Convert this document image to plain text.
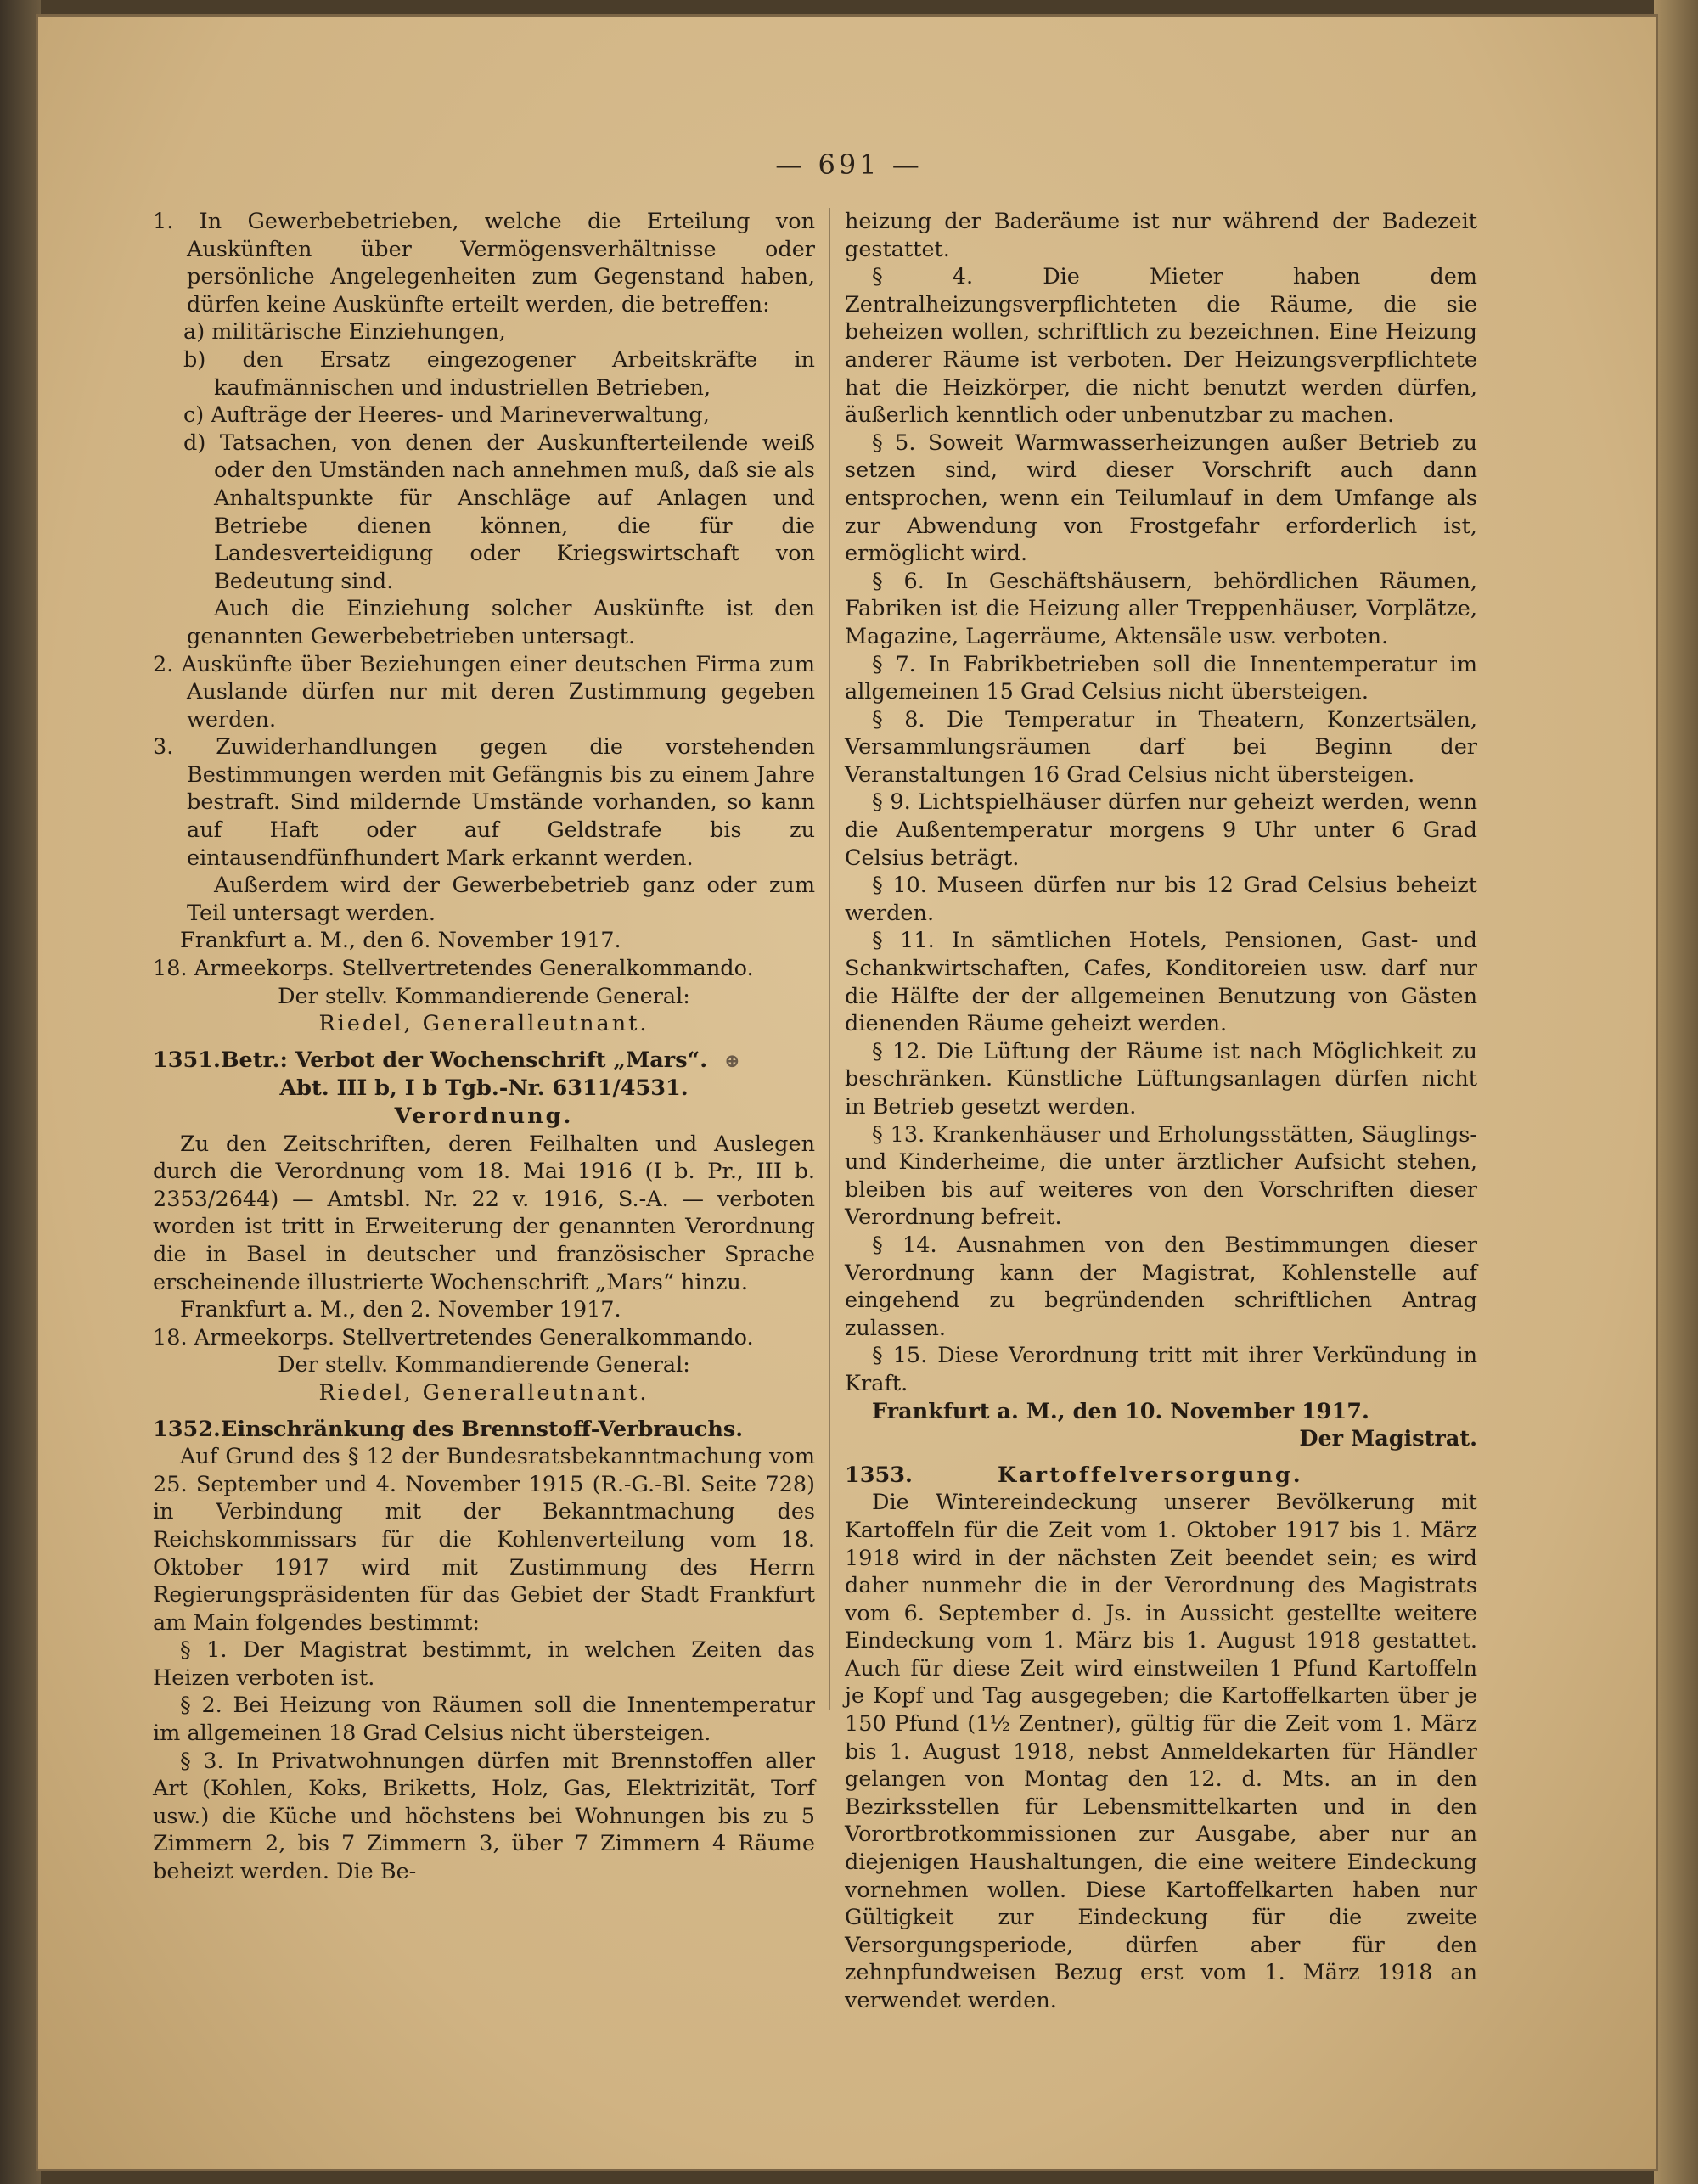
— 691 —

1. In Gewerbebetrieben, welche die Erteilung von Auskünften über Vermögensverhältnisse oder persönliche Angelegenheiten zum Gegenstand haben, dürfen keine Auskünfte erteilt werden, die betreffen:

a) militärische Einziehungen,

b) den Ersatz eingezogener Arbeitskräfte in kaufmännischen und industriellen Betrieben,

c) Aufträge der Heeres- und Marineverwaltung,

d) Tatsachen, von denen der Auskunfterteilende weiß oder den Umständen nach annehmen muß, daß sie als Anhaltspunkte für Anschläge auf Anlagen und Betriebe dienen können, die für die Landesverteidigung oder Kriegswirtschaft von Bedeutung sind.

Auch die Einziehung solcher Auskünfte ist den genannten Gewerbebetrieben untersagt.

2. Auskünfte über Beziehungen einer deutschen Firma zum Auslande dürfen nur mit deren Zustimmung gegeben werden.

3. Zuwiderhandlungen gegen die vorstehenden Bestimmungen werden mit Gefängnis bis zu einem Jahre bestraft. Sind mildernde Umstände vorhanden, so kann auf Haft oder auf Geldstrafe bis zu eintausendfünfhundert Mark erkannt werden.

Außerdem wird der Gewerbebetrieb ganz oder zum Teil untersagt werden.

Frankfurt a. M., den 6. November 1917.

18. Armeekorps. Stellvertretendes Generalkommando.

Der stellv. Kommandierende General:

Riedel, Generalleutnant.

1351.Betr.: Verbot der Wochenschrift „Mars“. ⊕

Abt. III b, I b Tgb.-Nr. 6311/4531.

Verordnung.

Zu den Zeitschriften, deren Feilhalten und Auslegen durch die Verordnung vom 18. Mai 1916 (I b. Pr., III b. 2353/2644) — Amtsbl. Nr. 22 v. 1916, S.-A. — verboten worden ist tritt in Erweiterung der genannten Verordnung die in Basel in deutscher und französischer Sprache erscheinende illustrierte Wochenschrift „Mars“ hinzu.

Frankfurt a. M., den 2. November 1917.

18. Armeekorps. Stellvertretendes Generalkommando.

Der stellv. Kommandierende General:

Riedel, Generalleutnant.

1352.Einschränkung des Brennstoff-Verbrauchs.

Auf Grund des § 12 der Bundesratsbekanntmachung vom 25. September und 4. November 1915 (R.-G.-Bl. Seite 728) in Verbindung mit der Bekanntmachung des Reichskommissars für die Kohlenverteilung vom 18. Oktober 1917 wird mit Zustimmung des Herrn Regierungspräsidenten für das Gebiet der Stadt Frankfurt am Main folgendes bestimmt:

§ 1. Der Magistrat bestimmt, in welchen Zeiten das Heizen verboten ist.

§ 2. Bei Heizung von Räumen soll die Innentemperatur im allgemeinen 18 Grad Celsius nicht übersteigen.

§ 3. In Privatwohnungen dürfen mit Brennstoffen aller Art (Kohlen, Koks, Briketts, Holz, Gas, Elektrizität, Torf usw.) die Küche und höchstens bei Wohnungen bis zu 5 Zimmern 2, bis 7 Zimmern 3, über 7 Zimmern 4 Räume beheizt werden. Die Be-

heizung der Baderäume ist nur während der Badezeit gestattet.

§ 4. Die Mieter haben dem Zentralheizungsverpflichteten die Räume, die sie beheizen wollen, schriftlich zu bezeichnen. Eine Heizung anderer Räume ist verboten. Der Heizungsverpflichtete hat die Heizkörper, die nicht benutzt werden dürfen, äußerlich kenntlich oder unbenutzbar zu machen.

§ 5. Soweit Warmwasserheizungen außer Betrieb zu setzen sind, wird dieser Vorschrift auch dann entsprochen, wenn ein Teilumlauf in dem Umfange als zur Abwendung von Frostgefahr erforderlich ist, ermöglicht wird.

§ 6. In Geschäftshäusern, behördlichen Räumen, Fabriken ist die Heizung aller Treppenhäuser, Vorplätze, Magazine, Lagerräume, Aktensäle usw. verboten.

§ 7. In Fabrikbetrieben soll die Innentemperatur im allgemeinen 15 Grad Celsius nicht übersteigen.

§ 8. Die Temperatur in Theatern, Konzertsälen, Versammlungsräumen darf bei Beginn der Veranstaltungen 16 Grad Celsius nicht übersteigen.

§ 9. Lichtspielhäuser dürfen nur geheizt werden, wenn die Außentemperatur morgens 9 Uhr unter 6 Grad Celsius beträgt.

§ 10. Museen dürfen nur bis 12 Grad Celsius beheizt werden.

§ 11. In sämtlichen Hotels, Pensionen, Gast- und Schankwirtschaften, Cafes, Konditoreien usw. darf nur die Hälfte der der allgemeinen Benutzung von Gästen dienenden Räume geheizt werden.

§ 12. Die Lüftung der Räume ist nach Möglichkeit zu beschränken. Künstliche Lüftungsanlagen dürfen nicht in Betrieb gesetzt werden.

§ 13. Krankenhäuser und Erholungsstätten, Säuglings- und Kinderheime, die unter ärztlicher Aufsicht stehen, bleiben bis auf weiteres von den Vorschriften dieser Verordnung befreit.

§ 14. Ausnahmen von den Bestimmungen dieser Verordnung kann der Magistrat, Kohlenstelle auf eingehend zu begründenden schriftlichen Antrag zulassen.

§ 15. Diese Verordnung tritt mit ihrer Verkündung in Kraft.

Frankfurt a. M., den 10. November 1917.

Der Magistrat.

1353.	Kartoffelversorgung.

Die Wintereindeckung unserer Bevölkerung mit Kartoffeln für die Zeit vom 1. Oktober 1917 bis 1. März 1918 wird in der nächsten Zeit beendet sein; es wird daher nunmehr die in der Verordnung des Magistrats vom 6. September d. Js. in Aussicht gestellte weitere Eindeckung vom 1. März bis 1. August 1918 gestattet. Auch für diese Zeit wird einstweilen 1 Pfund Kartoffeln je Kopf und Tag ausgegeben; die Kartoffelkarten über je 150 Pfund (1½ Zentner), gültig für die Zeit vom 1. März bis 1. August 1918, nebst Anmeldekarten für Händler gelangen von Montag den 12. d. Mts. an in den Bezirksstellen für Lebensmittelkarten und in den Vorortbrotkommissionen zur Ausgabe, aber nur an diejenigen Haushaltungen, die eine weitere Eindeckung vornehmen wollen. Diese Kartoffelkarten haben nur Gültigkeit zur Eindeckung für die zweite Versorgungsperiode, dürfen aber für den zehnpfundweisen Bezug erst vom 1. März 1918 an verwendet werden.
